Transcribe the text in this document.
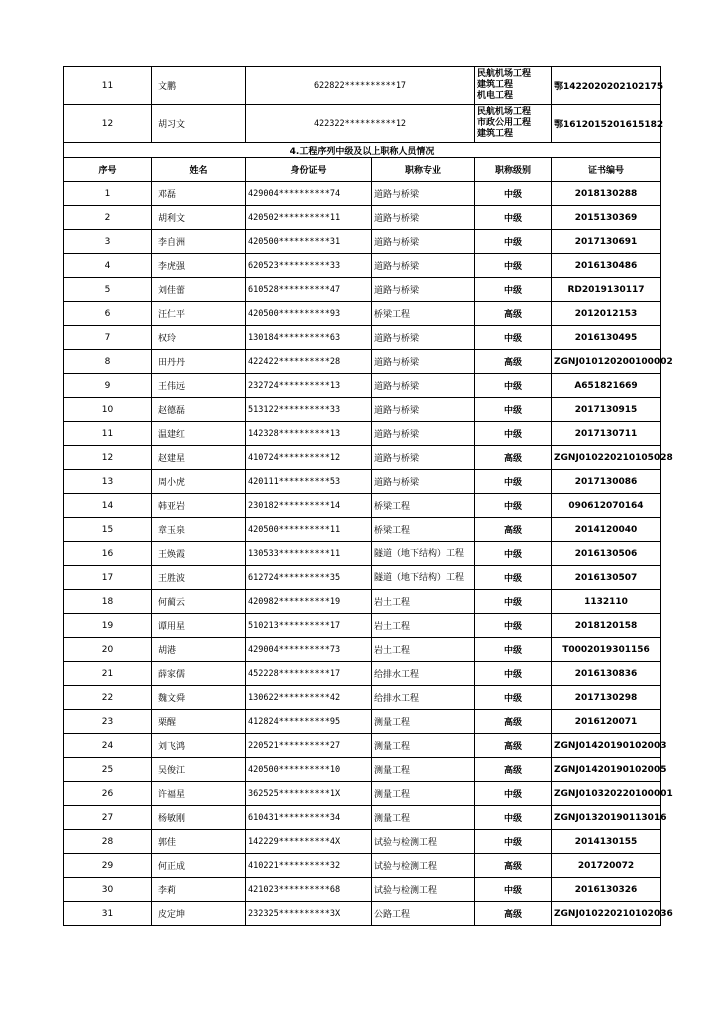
11	文鹏	622822**********17		民航机场工程
建筑工程
机电工程	鄂1422020202102175
12	胡习文	422322**********12		民航机场工程
市政公用工程
建筑工程	鄂1612015201615182
4.工程序列中级及以上职称人员情况					
序号	姓名	身份证号	职称专业	职称级别	证书编号
1	邓磊	429004**********74	道路与桥梁	中级	2018130288
2	胡利文	420502**********11	道路与桥梁	中级	2015130369
3	李自洲	420500**********31	道路与桥梁	中级	2017130691
4	李虎强	620523**********33	道路与桥梁	中级	2016130486
5	刘佳蕾	610528**********47	道路与桥梁	中级	RD2019130117
6	汪仁平	420500**********93	桥梁工程	高级	2012012153
7	权玲	130184**********63	道路与桥梁	中级	2016130495
8	田丹丹	422422**********28	道路与桥梁	高级	ZGNJ010120200100002
9	王伟远	232724**********13	道路与桥梁	中级	A651821669
10	赵德磊	513122**********33	道路与桥梁	中级	2017130915
11	温建红	142328**********13	道路与桥梁	中级	2017130711
12	赵建星	410724**********12	道路与桥梁	高级	ZGNJ010220210105028
13	周小虎	420111**********53	道路与桥梁	中级	2017130086
14	韩亚岩	230182**********14	桥梁工程	中级	090612070164
15	章玉泉	420500**********11	桥梁工程	高级	2014120040
16	王焕霞	130533**********11	隧道（地下结构）工程	中级	2016130506
17	王胜波	612724**********35	隧道（地下结构）工程	中级	2016130507
18	何蔺云	420982**********19	岩土工程	中级	1132110
19	谭用星	510213**********17	岩土工程	中级	2018120158
20	胡港	429004**********73	岩土工程	中级	T0002019301156
21	薛家儒	452228**********17	给排水工程	中级	2016130836
22	魏文舜	130622**********42	给排水工程	中级	2017130298
23	栗醒	412824**********95	测量工程	高级	2016120071
24	刘飞鸿	220521**********27	测量工程	高级	ZGNJ01420190102003
25	吴俊江	420500**********10	测量工程	高级	ZGNJ01420190102005
26	许福星	362525**********1X	测量工程	中级	ZGNJ010320220100001
27	杨敏刚	610431**********34	测量工程	中级	ZGNJ01320190113016
28	郭佳	142229**********4X	试验与检测工程	中级	2014130155
29	何正成	410221**********32	试验与检测工程	高级	201720072
30	李莉	421023**********68	试验与检测工程	中级	2016130326
31	皮定坤	232325**********3X	公路工程	高级	ZGNJ010220210102036
